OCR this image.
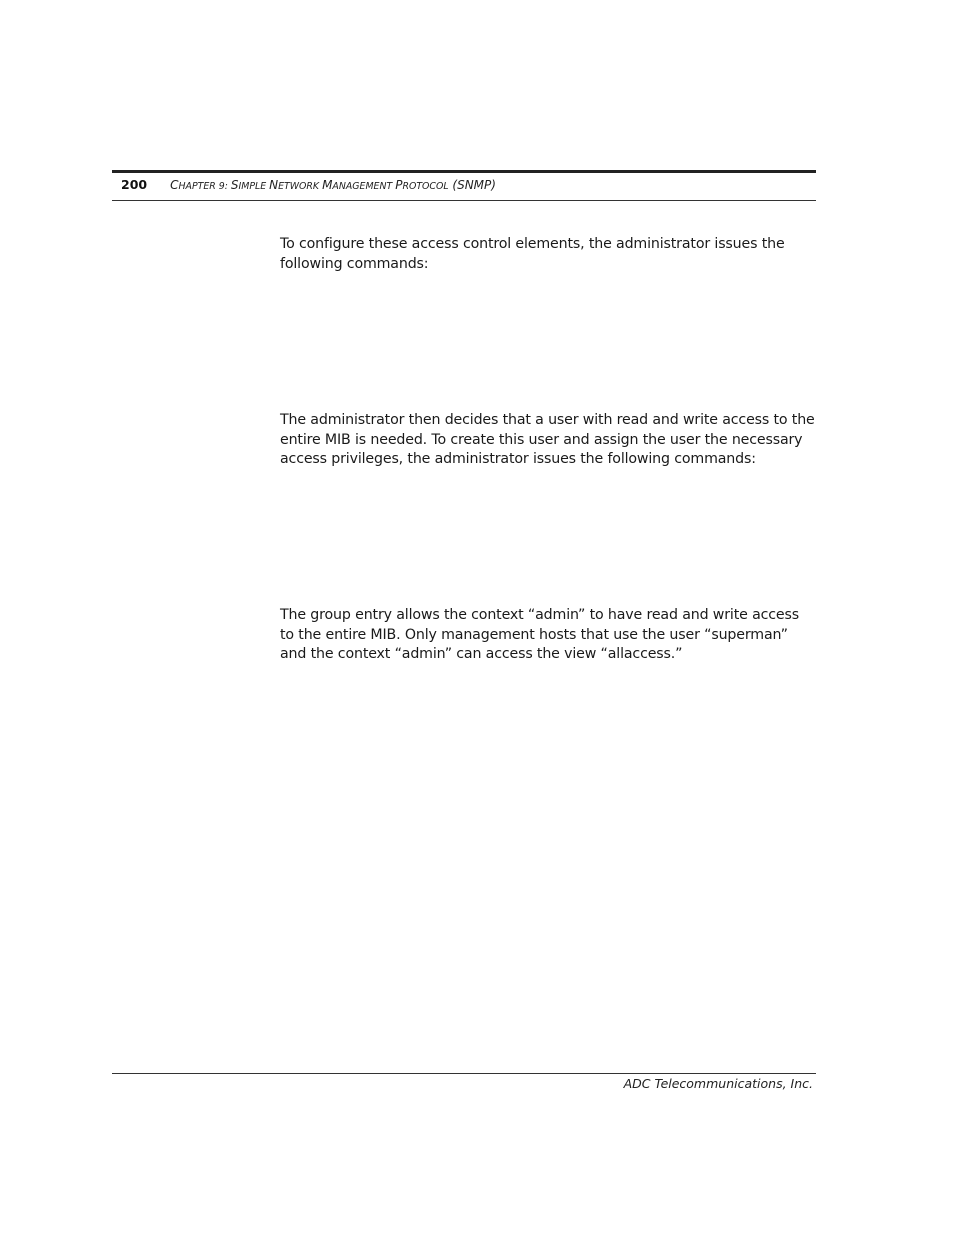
200 CHAPTER 9: SIMPLE NETWORK MANAGEMENT PROTOCOL (SNMP)

To configure these access control elements, the administrator issues the
following commands:

The administrator then decides that a user with read and write access to the
entire MIB is needed. To create this user and assign the user the necessary
access privileges, the administrator issues the following commands:

The group entry allows the context “admin” to have read and write access
to the entire MIB. Only management hosts that use the user “superman”
and the context “admin” can access the view “allaccess.”

ADC Telecommunications, Inc.
